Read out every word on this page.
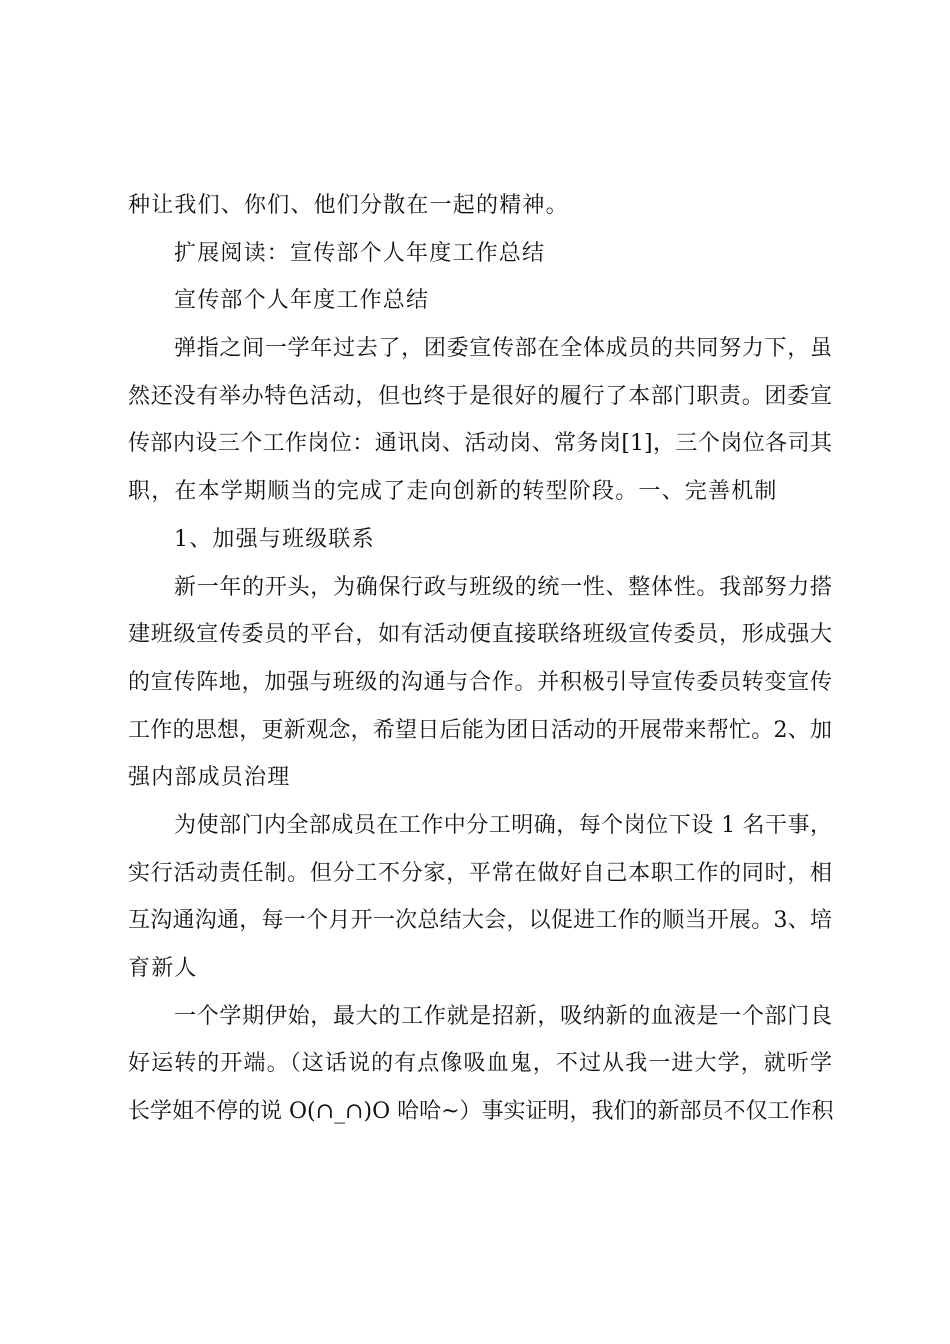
种让我们、你们、他们分散在一起的精神。
扩展阅读：宣传部个人年度工作总结
宣传部个人年度工作总结
弹指之间一学年过去了，团委宣传部在全体成员的共同努力下，虽
然还没有举办特色活动，但也终于是很好的履行了本部门职责。团委宣
传部内设三个工作岗位：通讯岗、活动岗、常务岗[1]，三个岗位各司其
职，在本学期顺当的完成了走向创新的转型阶段。一、完善机制
1、加强与班级联系
新一年的开头，为确保行政与班级的统一性、整体性。我部努力搭
建班级宣传委员的平台，如有活动便直接联络班级宣传委员，形成强大
的宣传阵地，加强与班级的沟通与合作。并积极引导宣传委员转变宣传
工作的思想，更新观念，希望日后能为团日活动的开展带来帮忙。2、加
强内部成员治理
为使部门内全部成员在工作中分工明确，每个岗位下设 1 名干事，
实行活动责任制。但分工不分家，平常在做好自己本职工作的同时，相
互沟通沟通，每一个月开一次总结大会，以促进工作的顺当开展。3、培
育新人
一个学期伊始，最大的工作就是招新，吸纳新的血液是一个部门良
好运转的开端。（这话说的有点像吸血鬼，不过从我一进大学，就听学
长学姐不停的说 O(∩_∩)O 哈哈~）事实证明，我们的新部员不仅工作积
